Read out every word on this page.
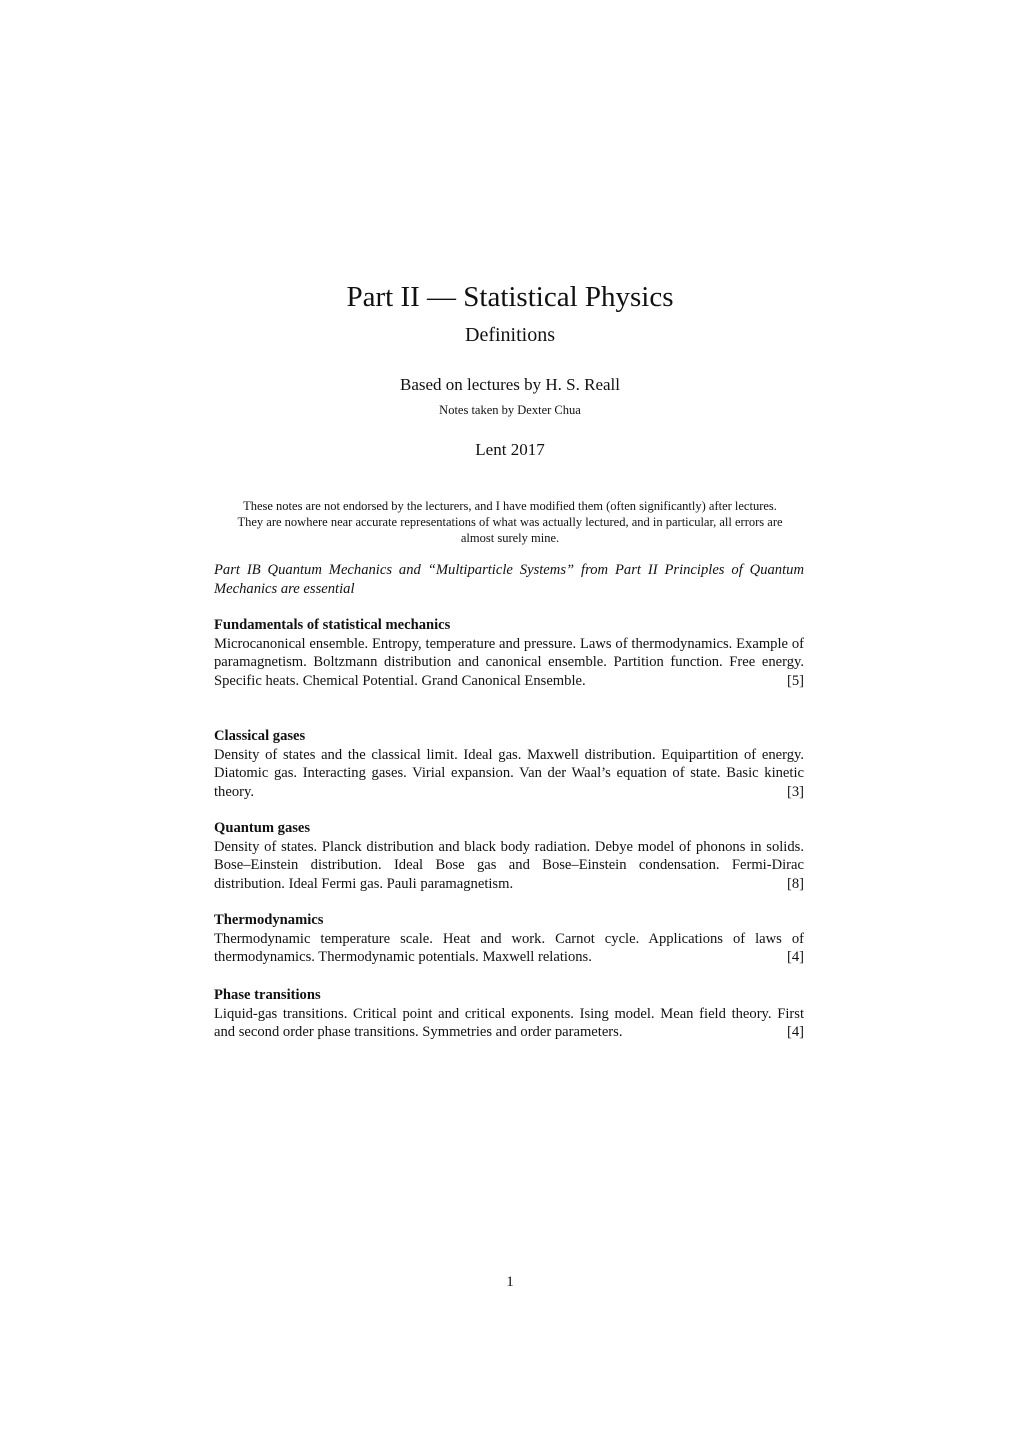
Part II — Statistical Physics
Definitions
Based on lectures by H. S. Reall
Notes taken by Dexter Chua
Lent 2017
These notes are not endorsed by the lecturers, and I have modified them (often significantly) after lectures. They are nowhere near accurate representations of what was actually lectured, and in particular, all errors are almost surely mine.
Part IB Quantum Mechanics and “Multiparticle Systems” from Part II Principles of Quantum Mechanics are essential
Fundamentals of statistical mechanics
Microcanonical ensemble. Entropy, temperature and pressure. Laws of thermodynamics. Example of paramagnetism. Boltzmann distribution and canonical ensemble. Partition function. Free energy. Specific heats. Chemical Potential. Grand Canonical Ensemble.	[5]
Classical gases
Density of states and the classical limit. Ideal gas. Maxwell distribution. Equipartition of energy. Diatomic gas. Interacting gases. Virial expansion. Van der Waal’s equation of state. Basic kinetic theory.	[3]
Quantum gases
Density of states. Planck distribution and black body radiation. Debye model of phonons in solids. Bose–Einstein distribution. Ideal Bose gas and Bose–Einstein condensation. Fermi-Dirac distribution. Ideal Fermi gas. Pauli paramagnetism.	[8]
Thermodynamics
Thermodynamic temperature scale. Heat and work. Carnot cycle. Applications of laws of thermodynamics. Thermodynamic potentials. Maxwell relations.	[4]
Phase transitions
Liquid-gas transitions. Critical point and critical exponents. Ising model. Mean field theory. First and second order phase transitions. Symmetries and order parameters.	[4]
1
